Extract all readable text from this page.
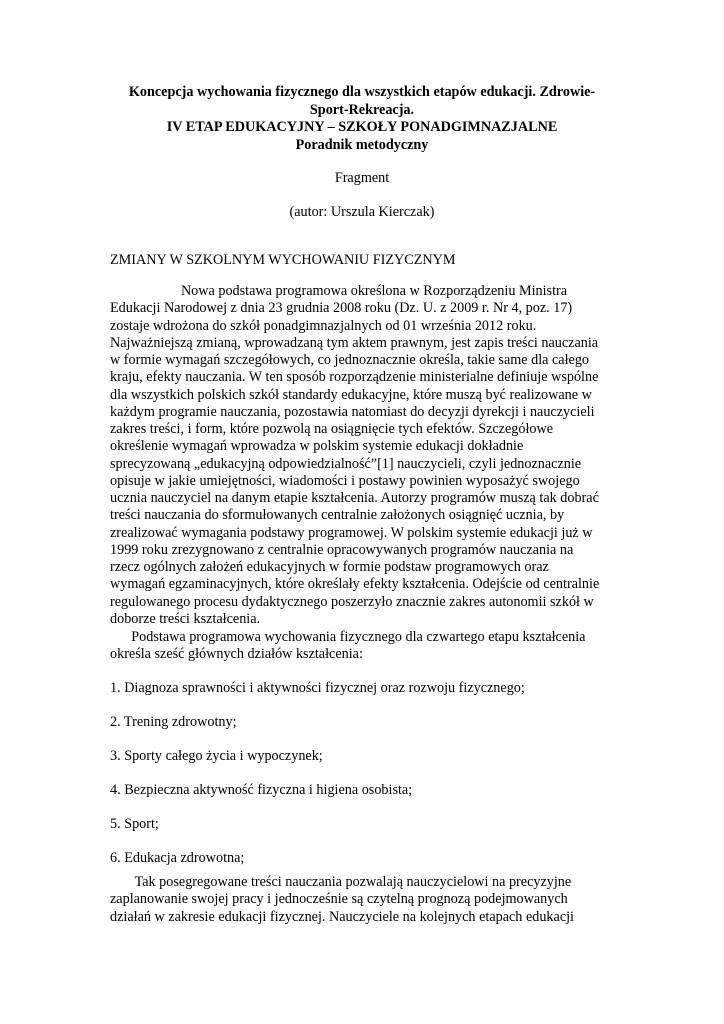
Koncepcja wychowania fizycznego dla wszystkich etapów edukacji. Zdrowie-
Sport-Rekreacja.
IV ETAP EDUKACYJNY – SZKOŁY PONADGIMNAZJALNE
Poradnik metodyczny
Fragment
(autor: Urszula Kierczak)
ZMIANY W SZKOLNYM WYCHOWANIU FIZYCZNYM
Nowa podstawa programowa określona w Rozporządzeniu Ministra
Edukacji Narodowej z dnia 23 grudnia 2008 roku (Dz. U. z 2009 r. Nr 4, poz. 17)
zostaje wdrożona do szkół ponadgimnazjalnych od 01 września 2012 roku.
Najważniejszą zmianą, wprowadzaną tym aktem prawnym, jest zapis treści nauczania
w formie wymagań szczegółowych, co jednoznacznie określa, takie same dla całego
kraju, efekty nauczania. W ten sposób rozporządzenie ministerialne definiuje wspólne
dla wszystkich polskich szkół standardy edukacyjne, które muszą być realizowane w
każdym programie nauczania, pozostawia natomiast do decyzji dyrekcji i nauczycieli
zakres treści, i form, które pozwolą na osiągnięcie tych efektów. Szczegółowe
określenie wymagań wprowadza w polskim systemie edukacji dokładnie
sprecyzowaną „edukacyjną odpowiedzialność”[1] nauczycieli, czyli jednoznacznie
opisuje w jakie umiejętności, wiadomości i postawy powinien wyposażyć swojego
ucznia nauczyciel na danym etapie kształcenia. Autorzy programów muszą tak dobrać
treści nauczania do sformułowanych centralnie założonych osiągnięć ucznia, by
zrealizować wymagania podstawy programowej. W polskim systemie edukacji już w
1999 roku zrezygnowano z centralnie opracowywanych programów nauczania na
rzecz ogólnych założeń edukacyjnych w formie podstaw programowych oraz
wymagań egzaminacyjnych, które określały efekty kształcenia. Odejście od centralnie
regulowanego procesu dydaktycznego poszerzyło znacznie zakres autonomii szkół w
doborze treści kształcenia.
Podstawa programowa wychowania fizycznego dla czwartego etapu kształcenia
określa sześć głównych działów kształcenia:
1. Diagnoza sprawności i aktywności fizycznej oraz rozwoju fizycznego;
2. Trening zdrowotny;
3. Sporty całego życia i wypoczynek;
4. Bezpieczna aktywność fizyczna i higiena osobista;
5. Sport;
6. Edukacja zdrowotna;
Tak posegregowane treści nauczania pozwalają nauczycielowi na precyzyjne
zaplanowanie swojej pracy i jednocześnie są czytelną prognozą podejmowanych
działań w zakresie edukacji fizycznej. Nauczyciele na kolejnych etapach edukacji
